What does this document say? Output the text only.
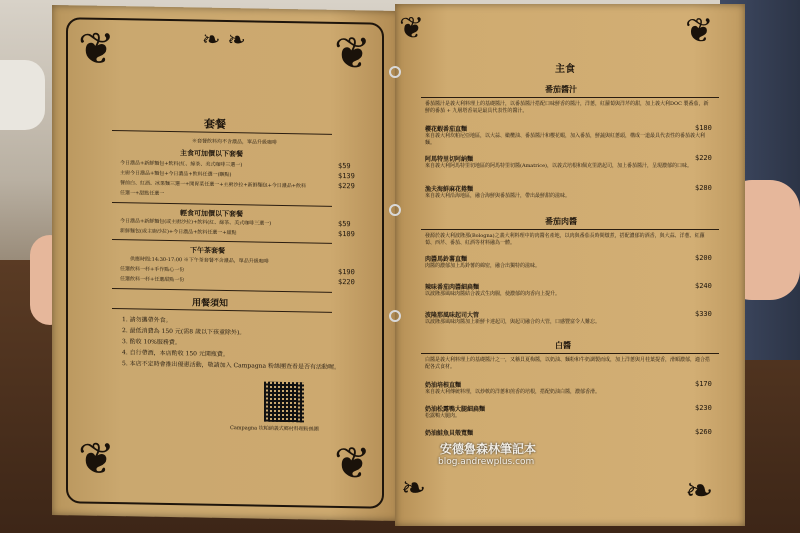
❦	❦
❦	❦
❧ ❧
套餐
※套餐飲料均不含濃品，單品升級咖啡
主食可加價以下套餐
今日濃品+新鮮麵包+飲料(紅、綠茶、美式咖啡三選一)	$59
主廚今日濃品+麵包+今日濃品+飲料任選一(睏點)	$139
餐前白、紅酒、冰果麵三選一+開胃菜任選一+主廚沙拉+新鮮麵包+今日濃品+飲料	$229
任選一+甜點任選一
輕食可加價以下套餐
今日濃品+新鮮麵包(或主廚沙拉)+飲料(紅、綠茶、美式咖啡三選一)	$59
新鮮麵包(或主廚沙拉)+今日濃品+飲料任選一+甜點	$109
下午茶套餐
供應時間:14:30-17:00 ※下午茶套餐不含濃品，單品升級咖啡
任選飲料一杯+手作點心一份	$190
任選飲料一杯+任選甜點一份	$220
用餐須知
1. 請勿攜帶外食。
2. 最低消費為 150 元(需8 歲以下孩童除外)。
3. 酌收 10%服務費。
4. 自行帶酒，本店酌收 150 元開瓶費。
5. 本店不定時會推出優惠活動，敬請加入 Campagna 粉絲團查看是否有活動喔。
Campagna 坎帕納義式鄉村料理粉絲團
❦	❦
❧	❧
主食
番茄醬汁
番茄醬汁是義大利料理上的基礎醬汁，以番茄醬汁搭配口味鮮香的醬汁，洋蔥，紅蘿蔔與洋芹的甜，加上義大利DOC 製番茄，新鮮的番茄 + 九層塔香氣是最具代表性的醬汁。
櫻花蝦番茄直麵	$180
來自義大利坎帕尼亞地區，以大蒜、橄欖油、番茄醬汁和櫻花蝦，加入番茄，鮮蔬與紅蔥頭，構成一道最具代表性的番茄義大利麵。
阿馬特里切阿納麵	$220
來自義大利阿馬特里切地區的阿馬特里切醬(Amatrice)，以義式培根和佩克里諾起司，加上番茄醬汁，呈現濃郁的口味。
漁夫海鮮麻花捲麵	$280
來自義大利沿海地區，融合海鮮與番茄醬汁，帶出最鮮甜的滋味。
番茄肉醬
發源於義大利波隆那(Bologna)之義大利料理中的肉醬名產地，以肉與番茄長時間燉煮，搭配濃郁的酒香，與大蒜、洋蔥、紅蘿蔔、西芹、番茄、紅酒等材料融為一體。
肉醬馬鈴薯直麵	$200
肉醬的濃郁加上馬鈴薯的綿密，融合出獨特的滋味。
辣味番茄肉醬細扁麵	$240
以波隆那風味肉醬結合義式生肉腸，使濃郁的肉香向上提升。
波隆那風味起司大管	$330
以波隆那風味肉醬加上新鮮卡達起司，與起司融合的大管，口感豐富令人難忘。
白醬
白醬是義大利料理上的基礎醬汁之一，又稱貝夏梅醬，以奶油、麵粉和牛奶調製而成，加上洋蔥與月桂葉提香，滑順濃郁，適合搭配各式食材。
奶油培根直麵	$170
來自義大利傳統料理，以炒軟的洋蔥和煎香的培根，搭配奶油白醬，濃郁香滑。
奶油松露鴨大腿細扁麵	$230
松露鴨大腿肉。
奶油鮭魚貝殼寬麵	$260
安德魯森林筆記本
blog.andrewplus.com
